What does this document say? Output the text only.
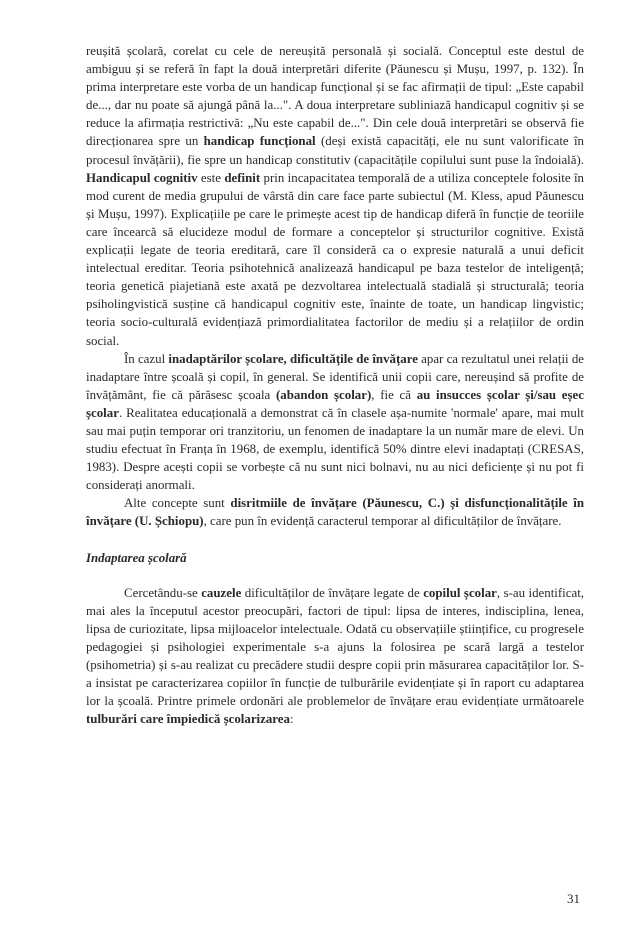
reușită școlară, corelat cu cele de nereușită personală și socială. Conceptul este destul de ambiguu și se referă în fapt la două interpretări diferite (Păunescu și Mușu, 1997, p. 132). În prima interpretare este vorba de un handicap funcțional și se fac afirmații de tipul: „Este capabil de..., dar nu poate să ajungă până la...". A doua interpretare subliniază handicapul cognitiv și se reduce la afirmația restrictivă: „Nu este capabil de...". Din cele două interpretări se observă fie direcționarea spre un handicap funcțional (deși există capacități, ele nu sunt valorificate în procesul învățării), fie spre un handicap constitutiv (capacitățile copilului sunt puse la îndoială). Handicapul cognitiv este definit prin incapacitatea temporală de a utiliza conceptele folosite în mod curent de media grupului de vârstă din care face parte subiectul (M. Kless, apud Păunescu și Mușu, 1997). Explicațiile pe care le primește acest tip de handicap diferă în funcție de teoriile care încearcă să elucideze modul de formare a conceptelor și structurilor cognitive. Există explicații legate de teoria ereditară, care îl consideră ca o expresie naturală a unui deficit intelectual ereditar. Teoria psihotehnică analizează handicapul pe baza testelor de inteligență; teoria genetică piajetiană este axată pe dezvoltarea intelectuală stadială și structurală; teoria psiholingvistică susține că handicapul cognitiv este, înainte de toate, un handicap lingvistic; teoria socio-culturală evidențiază primordialitatea factorilor de mediu și a relațiilor de ordin social.

În cazul inadaptărilor școlare, dificultățile de învățare apar ca rezultatul unei relații de inadaptare între școală și copil, în general. Se identifică unii copii care, nereușind să profite de învățământ, fie că părăsesc școala (abandon școlar), fie că au insucces școlar și/sau eșec școlar. Realitatea educațională a demonstrat că în clasele așa-numite 'normale' apare, mai mult sau mai puțin temporar ori tranzitoriu, un fenomen de inadaptare la un număr mare de elevi. Un studiu efectuat în Franța în 1968, de exemplu, identifică 50% dintre elevi inadaptați (CRESAS, 1983). Despre acești copii se vorbește că nu sunt nici bolnavi, nu au nici deficiențe și nu pot fi considerați anormali.

Alte concepte sunt disritmiile de învățare (Păunescu, C.) și disfuncționalitățile în învățare (U. Șchiopu), care pun în evidență caracterul temporar al dificultăților de învățare.

Indaptarea școlară

Cercetându-se cauzele dificultăților de învățare legate de copilul școlar, s-au identificat, mai ales la începutul acestor preocupări, factori de tipul: lipsa de interes, indisciplina, lenea, lipsa de curiozitate, lipsa mijloacelor intelectuale. Odată cu observațiile științifice, cu progresele pedagogiei și psihologiei experimentale s-a ajuns la folosirea pe scară largă a testelor (psihometria) și s-au realizat cu precădere studii despre copii prin măsurarea capacităților lor. S-a insistat pe caracterizarea copiilor în funcție de tulburările evidențiate și în raport cu adaptarea lor la școală. Printre primele ordonări ale problemelor de învățare erau evidențiate următoarele tulburări care împiedică școlarizarea:

31
